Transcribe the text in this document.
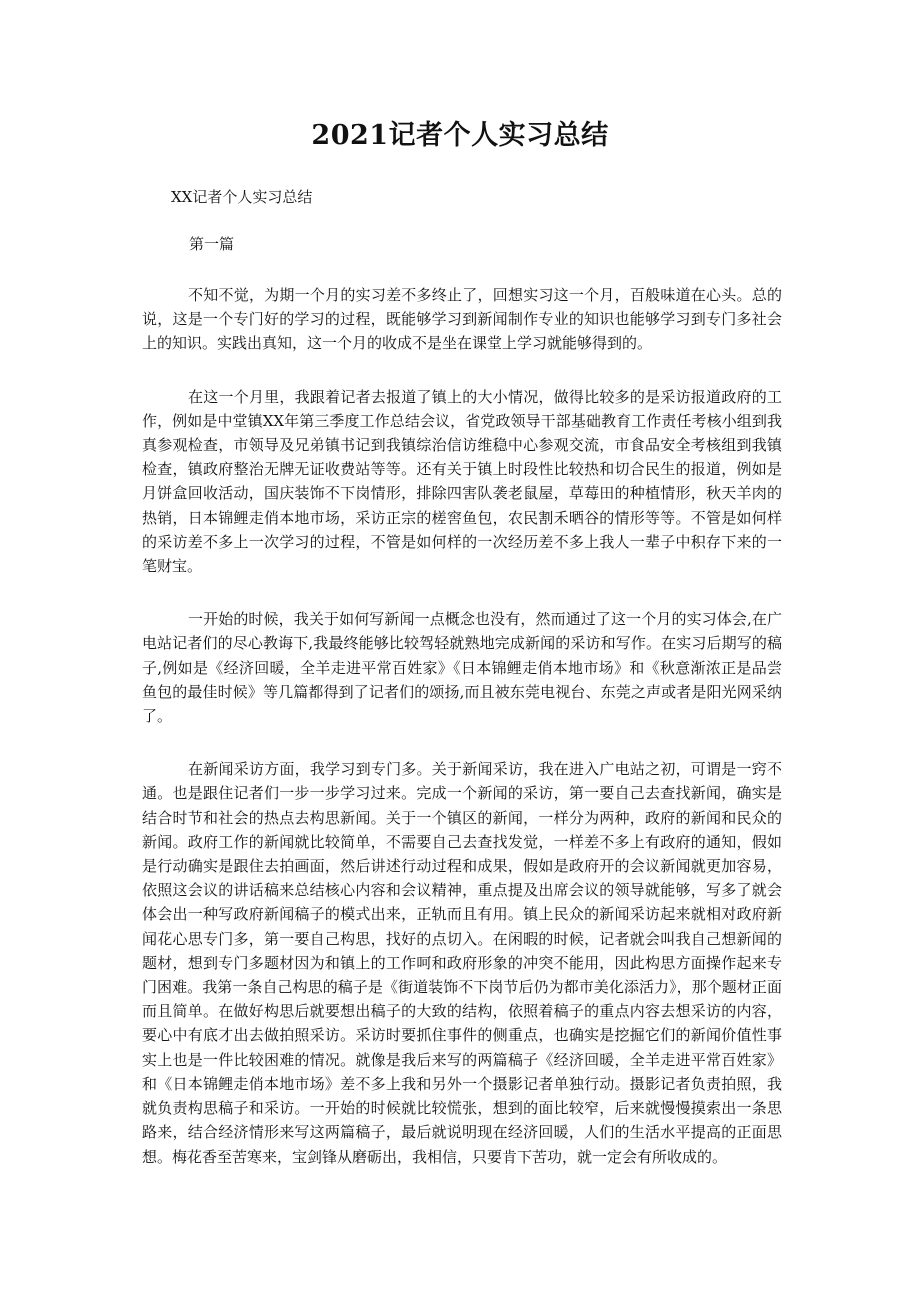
2021记者个人实习总结
XX记者个人实习总结
第一篇

不知不觉，为期一个月的实习差不多终止了，回想实习这一个月，百般味道在心头。总的说，这是一个专门好的学习的过程，既能够学习到新闻制作专业的知识也能够学习到专门多社会上的知识。实践出真知，这一个月的收成不是坐在课堂上学习就能够得到的。

在这一个月里，我跟着记者去报道了镇上的大小情况，做得比较多的是采访报道政府的工作，例如是中堂镇XX年第三季度工作总结会议，省党政领导干部基础教育工作责任考核小组到我真参观检查，市领导及兄弟镇书记到我镇综治信访维稳中心参观交流，市食品安全考核组到我镇检查，镇政府整治无牌无证收费站等等。还有关于镇上时段性比较热和切合民生的报道，例如是月饼盒回收活动，国庆装饰不下岗情形，排除四害队袭老鼠屋，草莓田的种植情形，秋天羊肉的热销，日本锦鲤走俏本地市场，采访正宗的槎窖鱼包，农民割禾晒谷的情形等等。不管是如何样的采访差不多上一次学习的过程，不管是如何样的一次经历差不多上我人一辈子中积存下来的一笔财宝。

一开始的时候，我关于如何写新闻一点概念也没有，然而通过了这一个月的实习体会,在广电站记者们的尽心教诲下,我最终能够比较驾轻就熟地完成新闻的采访和写作。在实习后期写的稿子,例如是《经济回暖，全羊走进平常百姓家》《日本锦鲤走俏本地市场》和《秋意渐浓正是品尝鱼包的最佳时候》等几篇都得到了记者们的颂扬,而且被东莞电视台、东莞之声或者是阳光网采纳了。

在新闻采访方面，我学习到专门多。关于新闻采访，我在进入广电站之初，可谓是一窍不通。也是跟住记者们一步一步学习过来。完成一个新闻的采访，第一要自己去查找新闻，确实是结合时节和社会的热点去构思新闻。关于一个镇区的新闻，一样分为两种，政府的新闻和民众的新闻。政府工作的新闻就比较简单，不需要自己去查找发觉，一样差不多上有政府的通知，假如是行动确实是跟住去拍画面，然后讲述行动过程和成果，假如是政府开的会议新闻就更加容易，依照这会议的讲话稿来总结核心内容和会议精神，重点提及出席会议的领导就能够，写多了就会体会出一种写政府新闻稿子的模式出来，正轨而且有用。镇上民众的新闻采访起来就相对政府新闻花心思专门多，第一要自己构思，找好的点切入。在闲暇的时候，记者就会叫我自己想新闻的题材，想到专门多题材因为和镇上的工作呵和政府形象的冲突不能用，因此构思方面操作起来专门困难。我第一条自己构思的稿子是《街道装饰不下岗节后仍为都市美化添活力》，那个题材正面而且简单。在做好构思后就要想出稿子的大致的结构，依照着稿子的重点内容去想采访的内容，要心中有底才出去做拍照采访。采访时要抓住事件的侧重点，也确实是挖掘它们的新闻价值性事实上也是一件比较困难的情况。就像是我后来写的两篇稿子《经济回暖，全羊走进平常百姓家》和《日本锦鲤走俏本地市场》差不多上我和另外一个摄影记者单独行动。摄影记者负责拍照，我就负责构思稿子和采访。一开始的时候就比较慌张，想到的面比较窄，后来就慢慢摸索出一条思路来，结合经济情形来写这两篇稿子，最后就说明现在经济回暖，人们的生活水平提高的正面思想。梅花香至苦寒来，宝剑锋从磨砺出，我相信，只要肯下苦功，就一定会有所收成的。
